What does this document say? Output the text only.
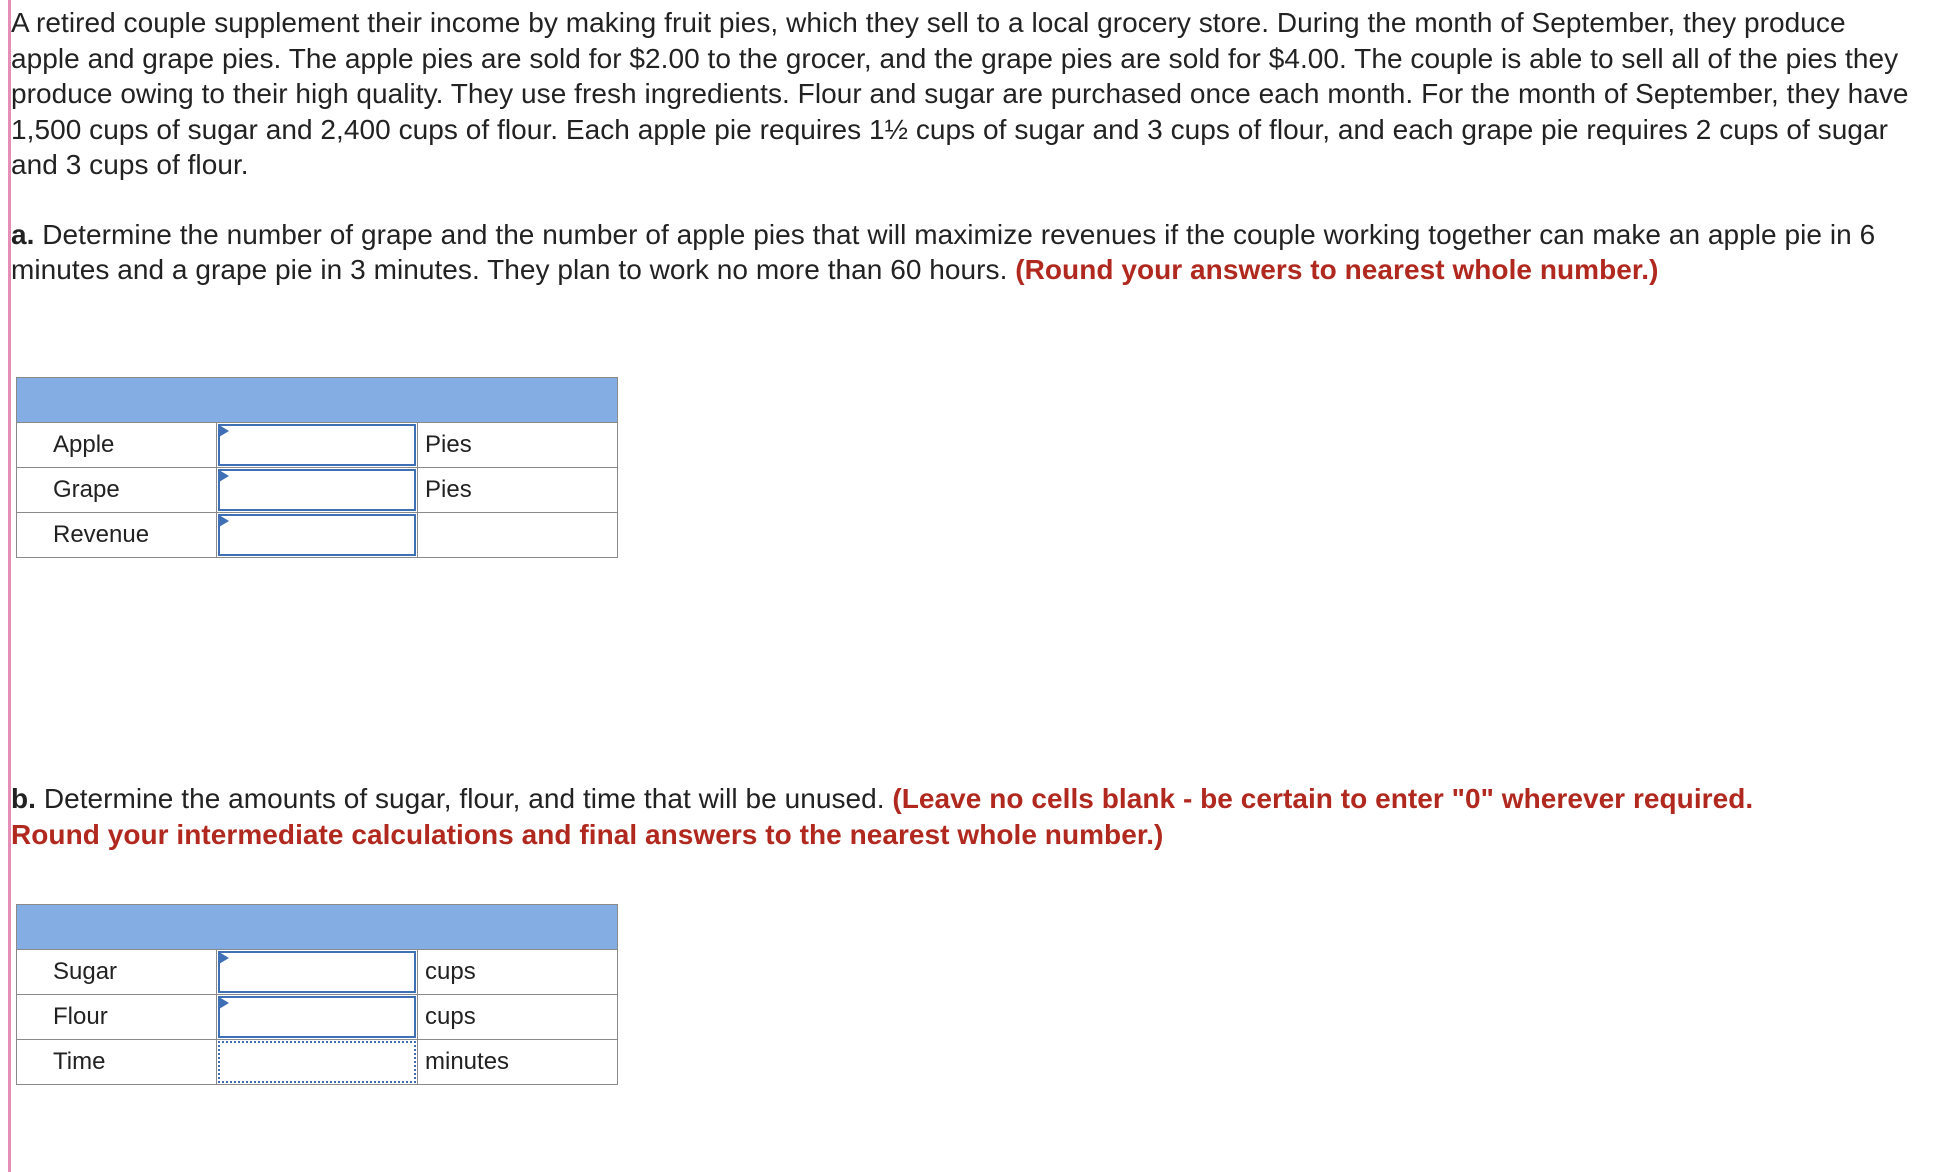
A retired couple supplement their income by making fruit pies, which they sell to a local grocery store. During the month of September, they produce apple and grape pies. The apple pies are sold for $2.00 to the grocer, and the grape pies are sold for $4.00. The couple is able to sell all of the pies they produce owing to their high quality. They use fresh ingredients. Flour and sugar are purchased once each month. For the month of September, they have 1,500 cups of sugar and 2,400 cups of flour. Each apple pie requires 1½ cups of sugar and 3 cups of flour, and each grape pie requires 2 cups of sugar and 3 cups of flour.

a. Determine the number of grape and the number of apple pies that will maximize revenues if the couple working together can make an apple pie in 6 minutes and a grape pie in 3 minutes. They plan to work no more than 60 hours. (Round your answers to nearest whole number.)

Apple		Pies
Grape		Pies
Revenue	

b. Determine the amounts of sugar, flour, and time that will be unused. (Leave no cells blank - be certain to enter "0" wherever required. Round your intermediate calculations and final answers to the nearest whole number.)

Sugar		cups
Flour		cups
Time		minutes
